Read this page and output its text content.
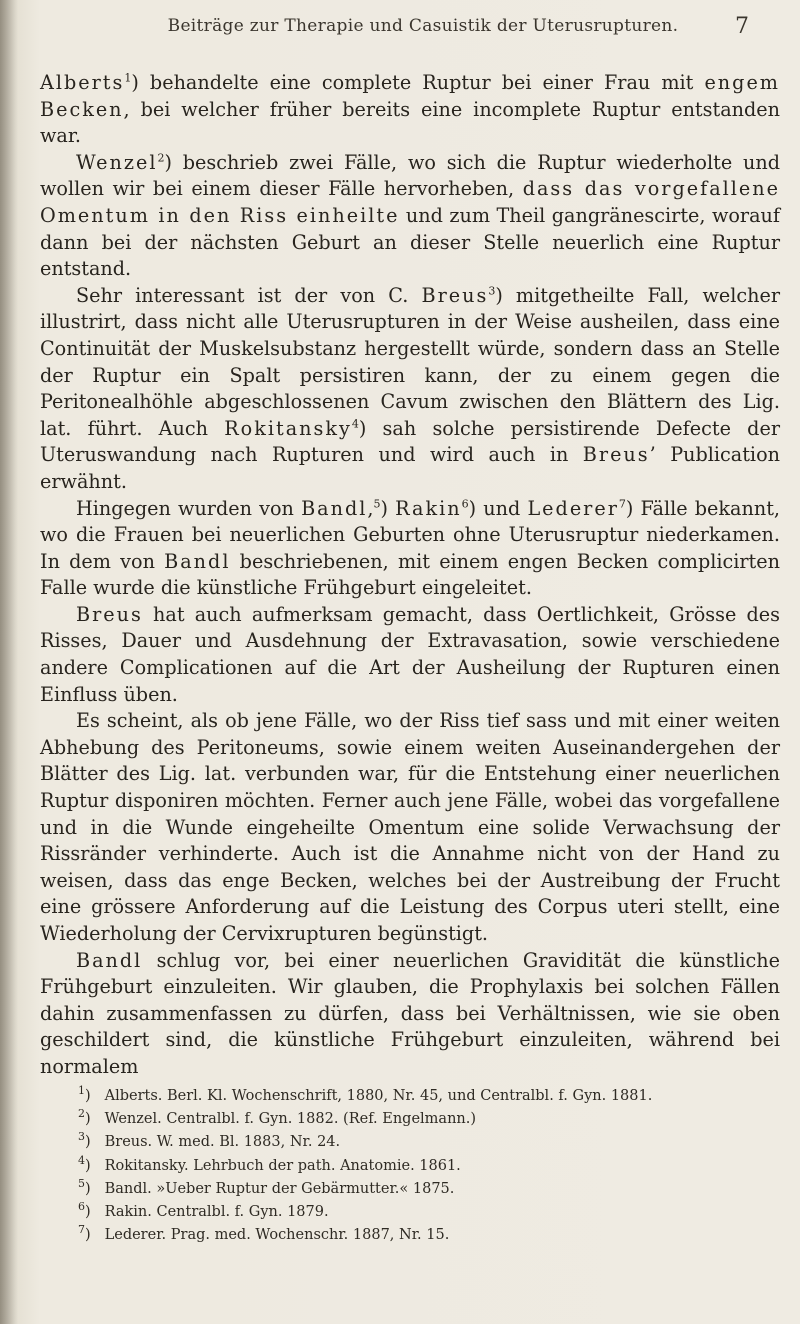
Beiträge zur Therapie und Casuistik der Uterusrupturen.	7

Alberts$^1$) behandelte eine complete Ruptur bei einer Frau mit engem Becken, bei welcher früher bereits eine incomplete Ruptur entstanden war.

Wenzel$^2$) beschrieb zwei Fälle, wo sich die Ruptur wiederholte und wollen wir bei einem dieser Fälle hervorheben, dass das vorgefallene Omentum in den Riss einheilte und zum Theil gangränescirte, worauf dann bei der nächsten Geburt an dieser Stelle neuerlich eine Ruptur entstand.

Sehr interessant ist der von C. Breus$^3$) mitgetheilte Fall, welcher illustrirt, dass nicht alle Uterusrupturen in der Weise ausheilen, dass eine Continuität der Muskelsubstanz hergestellt würde, sondern dass an Stelle der Ruptur ein Spalt persistiren kann, der zu einem gegen die Peritonealhöhle abgeschlossenen Cavum zwischen den Blättern des Lig. lat. führt. Auch Rokitansky$^4$) sah solche persistirende Defecte der Uteruswandung nach Rupturen und wird auch in Breus’ Publication erwähnt.

Hingegen wurden von Bandl,$^5$) Rakin$^6$) und Lederer$^7$) Fälle bekannt, wo die Frauen bei neuerlichen Geburten ohne Uterusruptur niederkamen. In dem von Bandl beschriebenen, mit einem engen Becken complicirten Falle wurde die künstliche Frühgeburt eingeleitet.

Breus hat auch aufmerksam gemacht, dass Oertlichkeit, Grösse des Risses, Dauer und Ausdehnung der Extravasation, sowie verschiedene andere Complicationen auf die Art der Ausheilung der Rupturen einen Einfluss üben.

Es scheint, als ob jene Fälle, wo der Riss tief sass und mit einer weiten Abhebung des Peritoneums, sowie einem weiten Auseinandergehen der Blätter des Lig. lat. verbunden war, für die Entstehung einer neuerlichen Ruptur disponiren möchten. Ferner auch jene Fälle, wobei das vorgefallene und in die Wunde eingeheilte Omentum eine solide Verwachsung der Rissränder verhinderte. Auch ist die Annahme nicht von der Hand zu weisen, dass das enge Becken, welches bei der Austreibung der Frucht eine grössere Anforderung auf die Leistung des Corpus uteri stellt, eine Wiederholung der Cervixrupturen begünstigt.

Bandl schlug vor, bei einer neuerlichen Gravidität die künstliche Frühgeburt einzuleiten. Wir glauben, die Prophylaxis bei solchen Fällen dahin zusammenfassen zu dürfen, dass bei Verhältnissen, wie sie oben geschildert sind, die künstliche Frühgeburt einzuleiten, während bei normalem

$^1$) Alberts. Berl. Kl. Wochenschrift, 1880, Nr. 45, und Centralbl. f. Gyn. 1881.
$^2$) Wenzel. Centralbl. f. Gyn. 1882. (Ref. Engelmann.)
$^3$) Breus. W. med. Bl. 1883, Nr. 24.
$^4$) Rokitansky. Lehrbuch der path. Anatomie. 1861.
$^5$) Bandl. »Ueber Ruptur der Gebärmutter.« 1875.
$^6$) Rakin. Centralbl. f. Gyn. 1879.
$^7$) Lederer. Prag. med. Wochenschr. 1887, Nr. 15.
